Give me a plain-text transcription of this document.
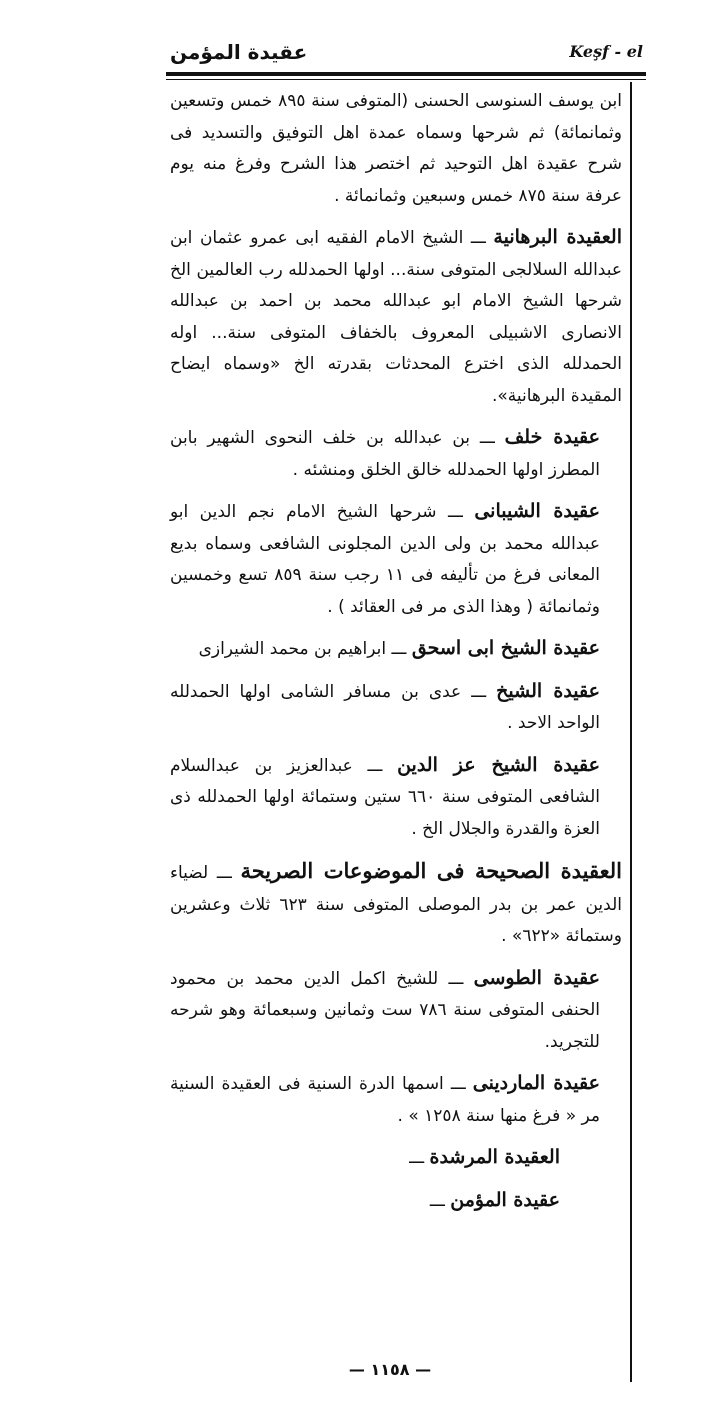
عقيدة المؤمن	Keşf - el

ابن يوسف السنوسى الحسنى (المتوفى سنة ٨٩٥ خمس وتسعين وثمانمائة) ثم شرحها وسماه عمدة اهل التوفيق والتسديد فى شرح عقيدة اهل التوحيد ثم اختصر هذا الشرح وفرغ منه يوم عرفة سنة ٨٧٥ خمس وسبعين وثمانمائة .

العقيدة البرهانية ـــ الشيخ الامام الفقيه ابى عمرو عثمان ابن عبدالله السلالجى المتوفى سنة... اولها الحمدلله رب العالمين الخ شرحها الشيخ الامام ابو عبدالله محمد بن احمد بن عبدالله الانصارى الاشبيلى المعروف بالخفاف المتوفى سنة... اوله الحمدلله الذى اخترع المحدثات بقدرته الخ «وسماه ايضاح المقيدة البرهانية».

عقيدة خلف ـــ بن عبدالله بن خلف النحوى الشهير بابن المطرز اولها الحمدلله خالق الخلق ومنشئه .

عقيدة الشيبانى ـــ شرحها الشيخ الامام نجم الدين ابو عبدالله محمد بن ولى الدين المجلونى الشافعى وسماه بديع المعانى فرغ من تأليفه فى ١١ رجب سنة ٨٥٩ تسع وخمسين وثمانمائة ( وهذا الذى مر فى العقائد ) .

عقيدة الشيخ ابى اسحق ـــ ابراهيم بن محمد الشيرازى

عقيدة الشيخ ـــ عدى بن مسافر الشامى اولها الحمدلله الواحد الاحد .

عقيدة الشيخ عز الدين ـــ عبدالعزيز بن عبدالسلام الشافعى المتوفى سنة ٦٦٠ ستين وستمائة اولها الحمدلله ذى العزة والقدرة والجلال الخ .

العقيدة الصحيحة فى الموضوعات الصريحة ـــ لضياء الدين عمر بن بدر الموصلى المتوفى سنة ٦٢٣ ثلاث وعشرين وستمائة «٦٢٢» .

عقيدة الطوسى ـــ للشيخ اكمل الدين محمد بن محمود الحنفى المتوفى سنة ٧٨٦ ست وثمانين وسبعمائة وهو شرحه للتجريد.

عقيدة الماردينى ـــ اسمها الدرة السنية فى العقيدة السنية مر « فرغ منها سنة ١٢٥٨ » .

العقيدة المرشدة ـــ

عقيدة المؤمن ـــ

— ١١٥٨ —
